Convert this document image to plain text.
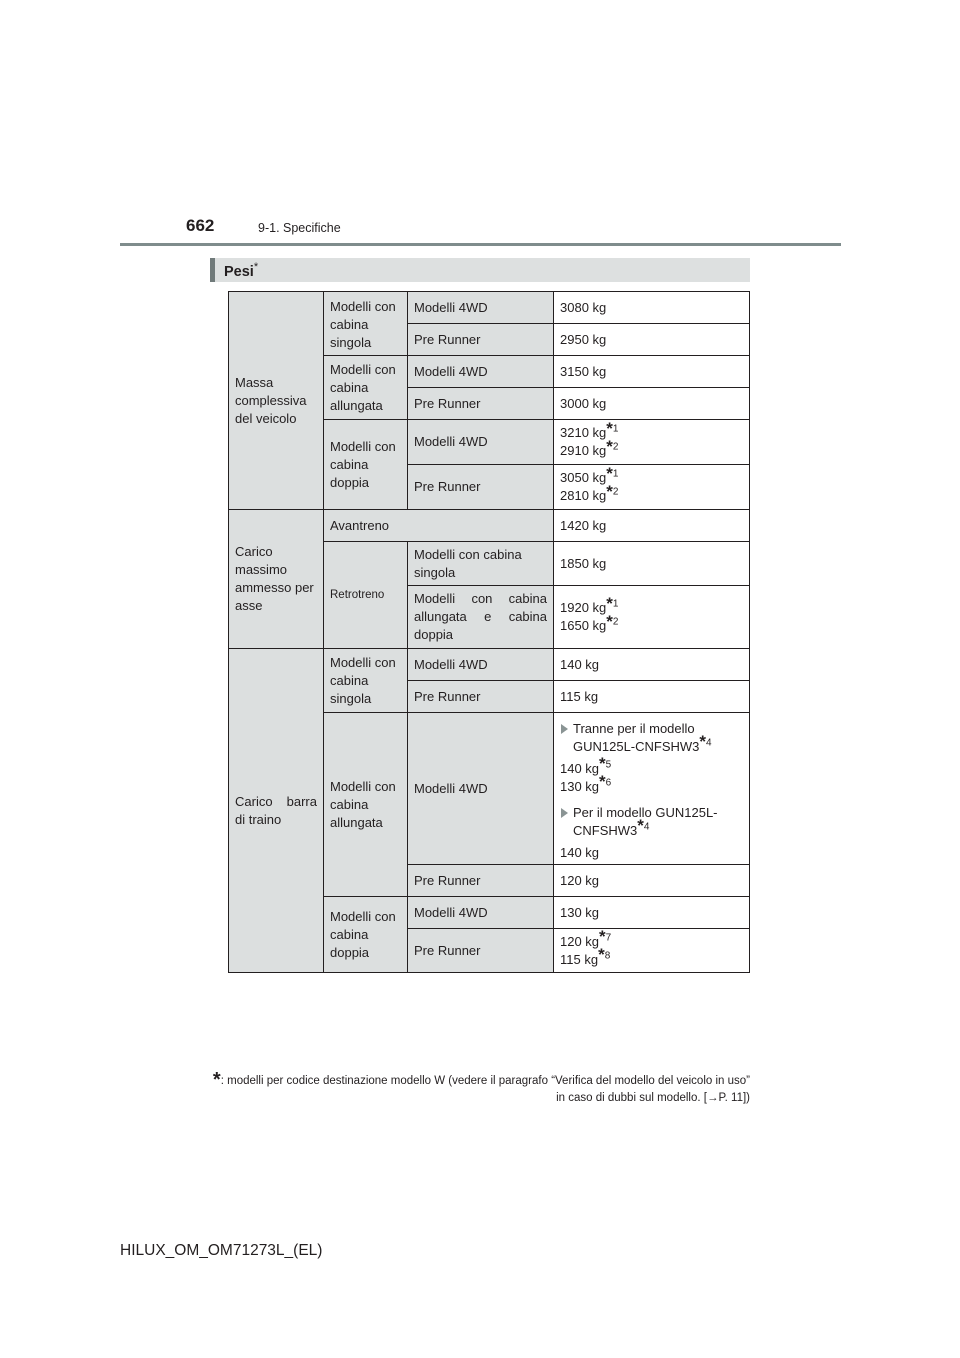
662	9-1. Specifiche
Pesi*
Massa complessiva del veicolo	Modelli con cabina singola	Modelli 4WD	3080 kg
		Pre Runner	2950 kg
	Modelli con cabina allungata	Modelli 4WD	3150 kg
		Pre Runner	3000 kg
	Modelli con cabina doppia	Modelli 4WD	3210 $kg^{*1}$
2910 $kg^{*2}$
		Pre Runner	3050 $kg^{*1}$
2810 $kg^{*2}$
Carico massimo ammesso per asse	Avantreno		1420 kg
	Retrotreno	Modelli con cabina singola	1850 kg
		Modelli con cabina allungata e cabina doppia	1920 $kg^{*1}$
1650 $kg^{*2}$
Carico barra di traino	Modelli con cabina singola	Modelli 4WD	140 kg
		Pre Runner	115 kg
	Modelli con cabina allungata	Modelli 4WD	Tranne per il modello GUN125L-CNFSHW3$^{*4}$
140 $kg^{*5}$
130 $kg^{*6}$
Per il modello GUN125L-CNFSHW3$^{*4}$
140 kg

		Pre Runner	120 kg
	Modelli con cabina doppia	Modelli 4WD	130 kg
		Pre Runner	120 $kg^{*7}$
115 $kg^{*8}$
*: modelli per codice destinazione modello W (vedere il paragrafo “Verifica del modello del veicolo in uso” in caso di dubbi sul modello. [→P. 11])
HILUX_OM_OM71273L_(EL)
